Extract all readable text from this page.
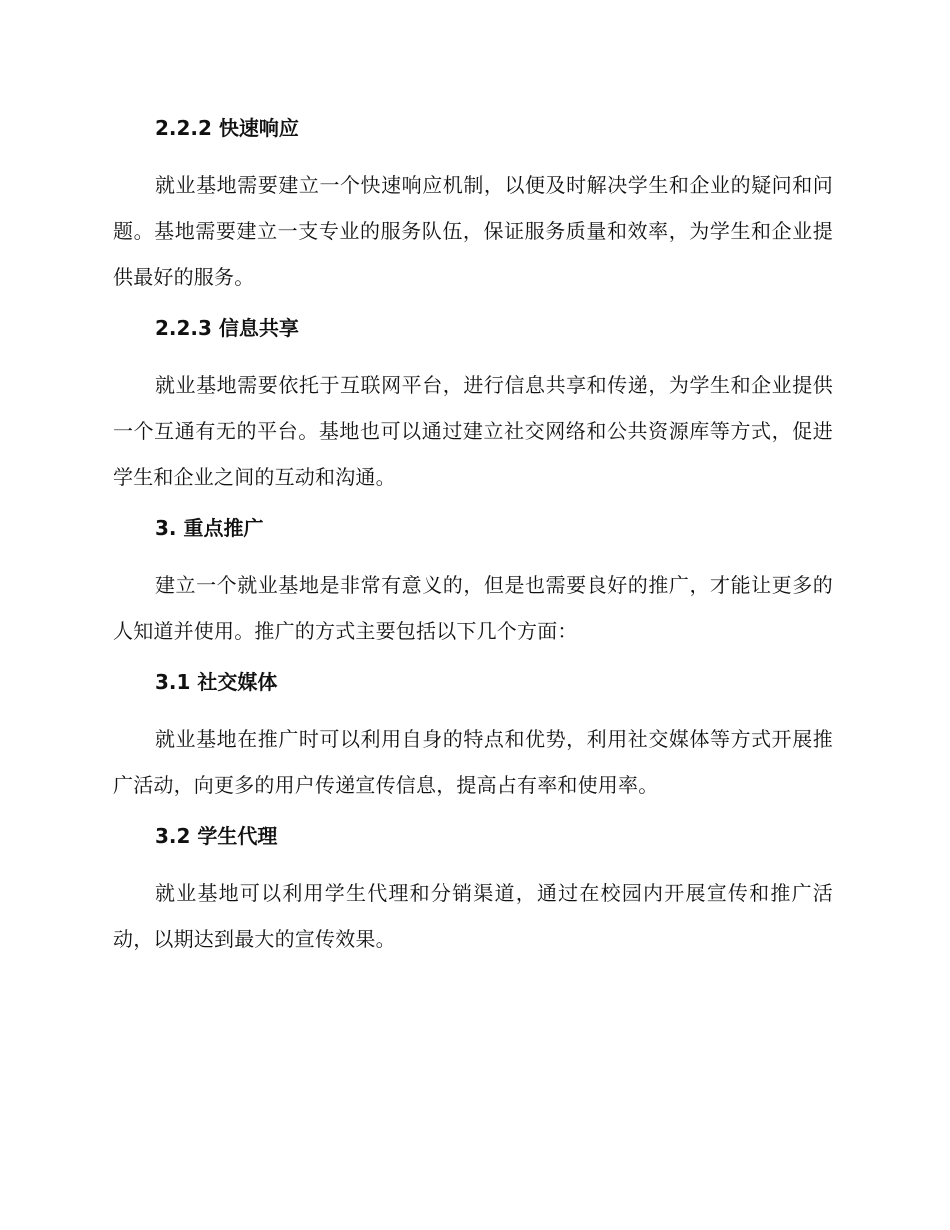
2.2.2 快速响应

就业基地需要建立一个快速响应机制，以便及时解决学生和企业的疑问和问题。基地需要建立一支专业的服务队伍，保证服务质量和效率，为学生和企业提供最好的服务。

2.2.3 信息共享

就业基地需要依托于互联网平台，进行信息共享和传递，为学生和企业提供一个互通有无的平台。基地也可以通过建立社交网络和公共资源库等方式，促进学生和企业之间的互动和沟通。

3. 重点推广

建立一个就业基地是非常有意义的，但是也需要良好的推广，才能让更多的人知道并使用。推广的方式主要包括以下几个方面：

3.1 社交媒体

就业基地在推广时可以利用自身的特点和优势，利用社交媒体等方式开展推广活动，向更多的用户传递宣传信息，提高占有率和使用率。

3.2 学生代理

就业基地可以利用学生代理和分销渠道，通过在校园内开展宣传和推广活动，以期达到最大的宣传效果。
